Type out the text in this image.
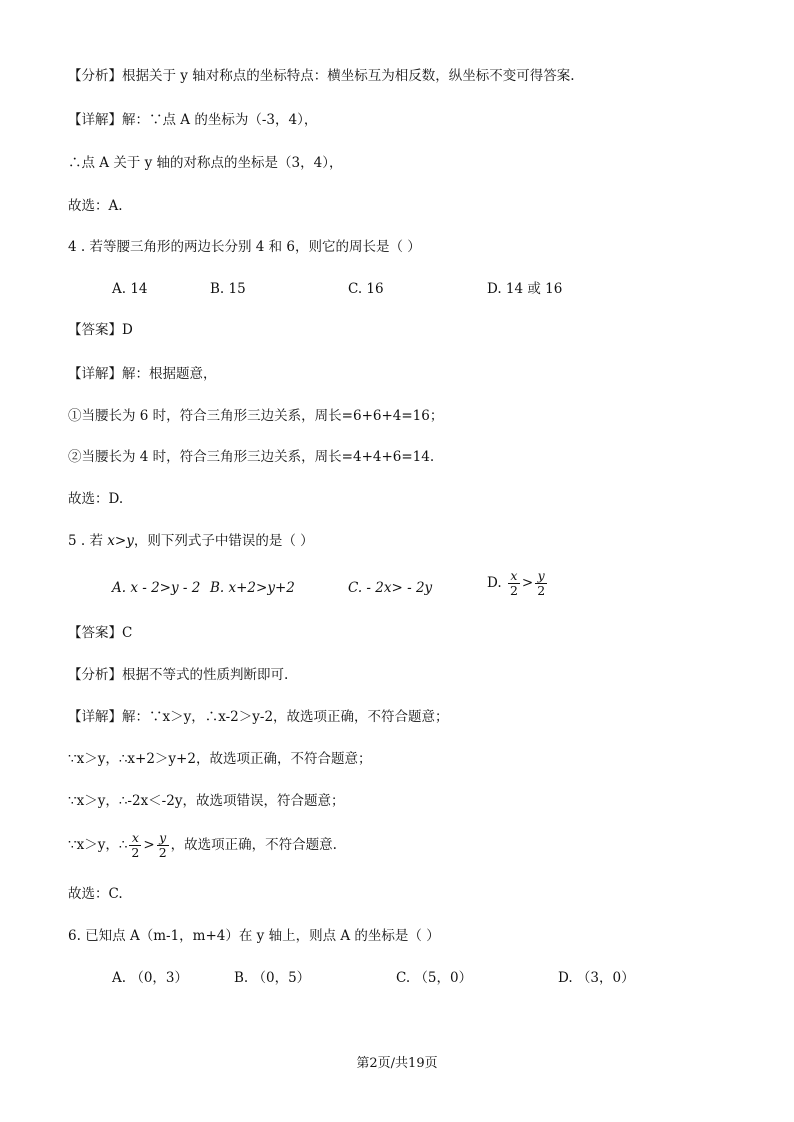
【分析】根据关于 y 轴对称点的坐标特点：横坐标互为相反数，纵坐标不变可得答案.
【详解】解：∵点 A 的坐标为（-3，4），
∴点 A 关于 y 轴的对称点的坐标是（3，4），
故选：A.
4 . 若等腰三角形的两边长分别 4 和 6，则它的周长是（ ）
A. 14	B. 15	C. 16	D. 14 或 16
【答案】D
【详解】解：根据题意，
①当腰长为 6 时，符合三角形三边关系，周长=6+6+4=16；
②当腰长为 4 时，符合三角形三边关系，周长=4+4+6=14.
故选：D.
5 . 若 x>y，则下列式子中错误的是（ ）
A. x - 2>y - 2 B. x+2>y+2	C. - 2x> - 2y	D. $\frac{x}{2} > \frac{y}{2}$
【答案】C
【分析】根据不等式的性质判断即可.
【详解】解：∵x＞y，∴x-2＞y-2，故选项正确，不符合题意；
∵x＞y，∴x+2＞y+2，故选项正确，不符合题意；
∵x＞y，∴-2x＜-2y，故选项错误，符合题意；
∵x＞y，∴ $\frac{x}{2} > \frac{y}{2}$ ，故选项正确，不符合题意.
故选：C.
6. 已知点 A（m-1，m+4）在 y 轴上，则点 A 的坐标是（ ）
A. （0，3）	B. （0，5）	C. （5，0）	D. （3，0）
第2页/共19页
